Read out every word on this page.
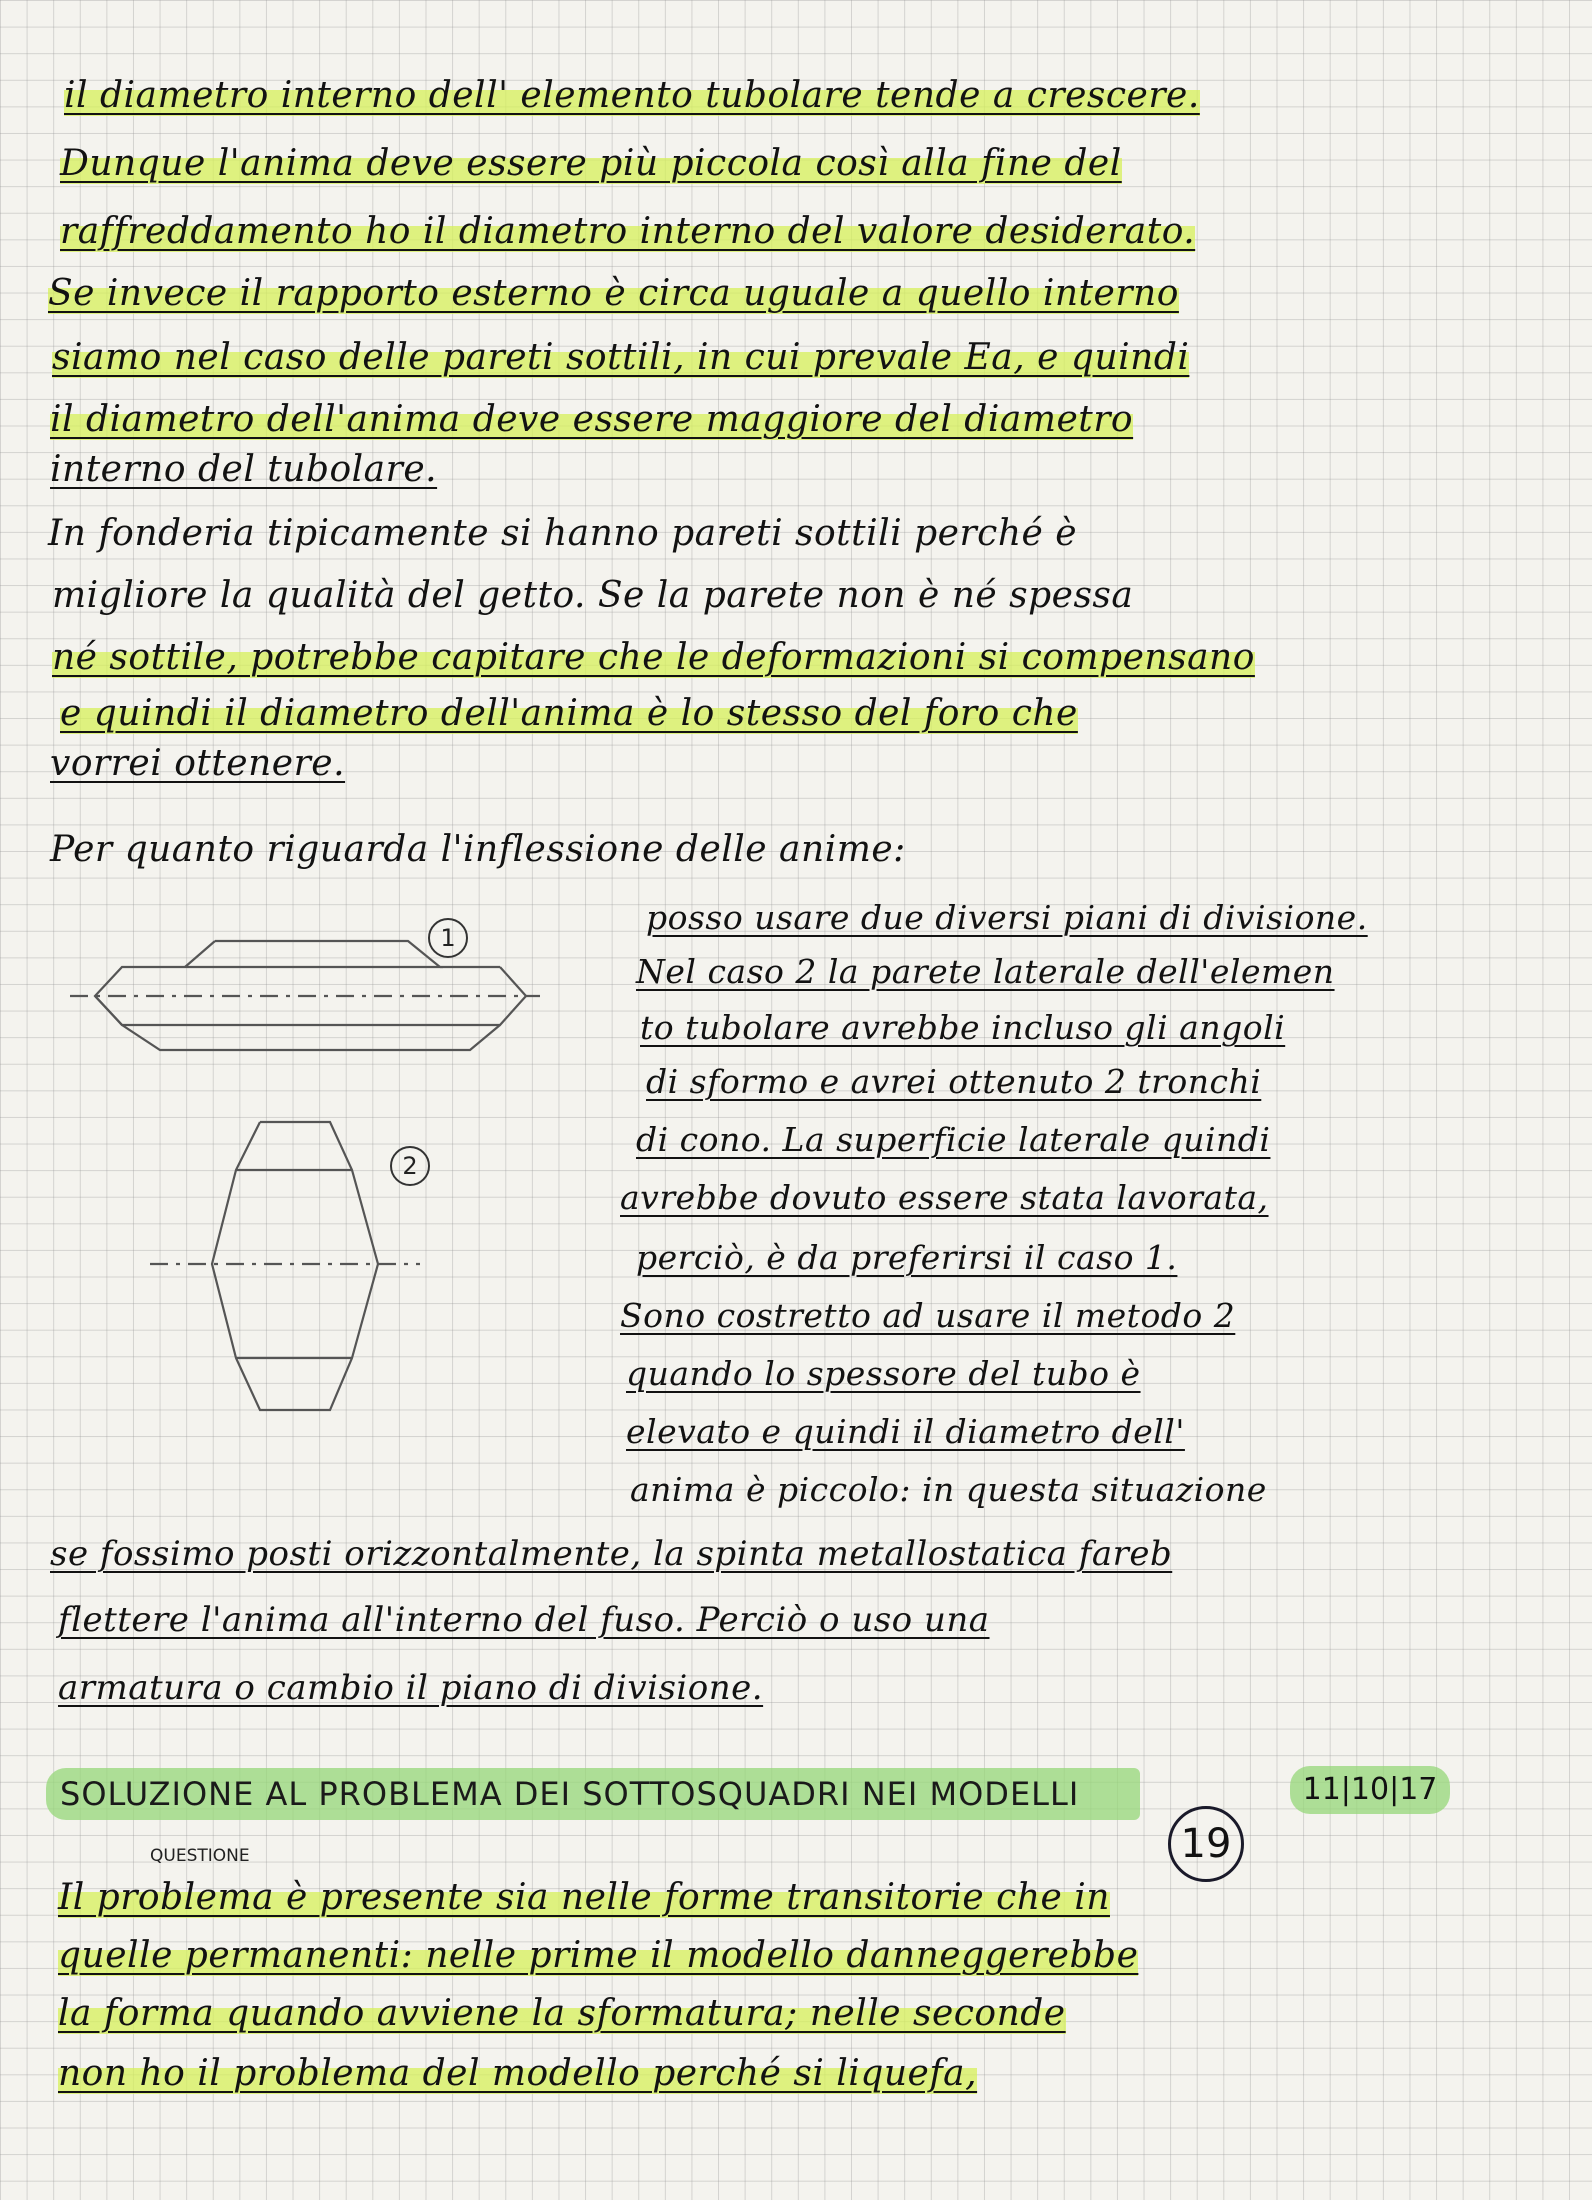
il diametro interno dell' elemento tubolare tende a crescere.
Dunque l'anima deve essere più piccola così alla fine del
raffreddamento ho il diametro interno del valore desiderato.
Se invece il rapporto esterno è circa uguale a quello interno
siamo nel caso delle pareti sottili, in cui prevale Ea, e quindi
il diametro dell'anima deve essere maggiore del diametro
interno del tubolare.
In fonderia tipicamente si hanno pareti sottili perché è
migliore la qualità del getto. Se la parete non è né spessa
né sottile, potrebbe capitare che le deformazioni si compensano
e quindi il diametro dell'anima è lo stesso del foro che
vorrei ottenere.
Per quanto riguarda l'inflessione delle anime:
1
2
posso usare due diversi piani di divisione.
Nel caso 2 la parete laterale dell'elemen
to tubolare avrebbe incluso gli angoli
di sformo e avrei ottenuto 2 tronchi
di cono. La superficie laterale quindi
avrebbe dovuto essere stata lavorata,
perciò, è da preferirsi il caso 1.
Sono costretto ad usare il metodo 2
quando lo spessore del tubo è
elevato e quindi il diametro dell'
anima è piccolo: in questa situazione
se fossimo posti orizzontalmente, la spinta metallostatica fareb
flettere l'anima all'interno del fuso. Perciò o uso una
armatura o cambio il piano di divisione.
SOLUZIONE AL PROBLEMA DEI SOTTOSQUADRI NEI MODELLI	11|10|17
19
QUESTIONE
Il problema è presente sia nelle forme transitorie che in
quelle permanenti: nelle prime il modello danneggerebbe
la forma quando avviene la sformatura; nelle seconde
non ho il problema del modello perché si liquefa,
